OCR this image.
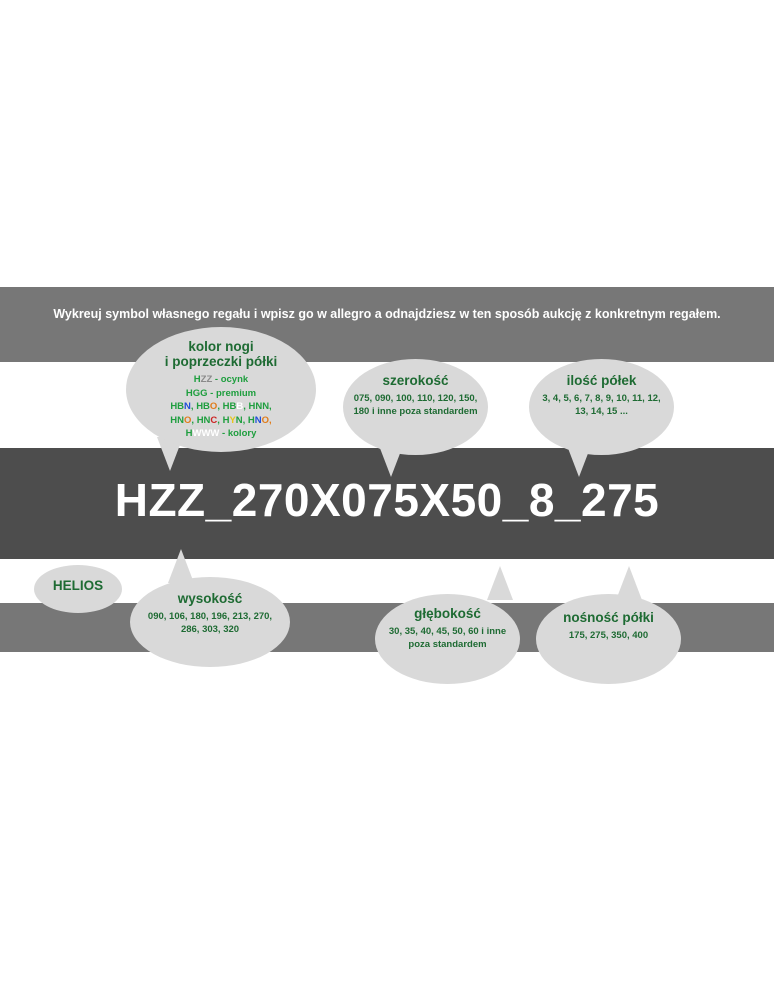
Wykreuj symbol własnego regału i wpisz go w allegro a odnajdziesz w ten sposób aukcję z konkretnym regałem.
HZZ_270X075X50_8_275
kolor nogi
i poprzeczki półki
HZZ - ocynk
HGG - premium
HBN, HBO, HBB, HNN,
HNO, HNC, HYN, HNO,
HWWW - kolory
szerokość
075, 090, 100, 110, 120, 150, 180 i inne poza standardem
ilość półek
3, 4, 5, 6, 7, 8, 9, 10, 11, 12, 13, 14, 15 ...
HELIOS
wysokość
090, 106, 180, 196, 213, 270, 286, 303, 320
głębokość
30, 35, 40, 45, 50, 60 i inne poza standardem
nośność półki
175, 275, 350, 400
